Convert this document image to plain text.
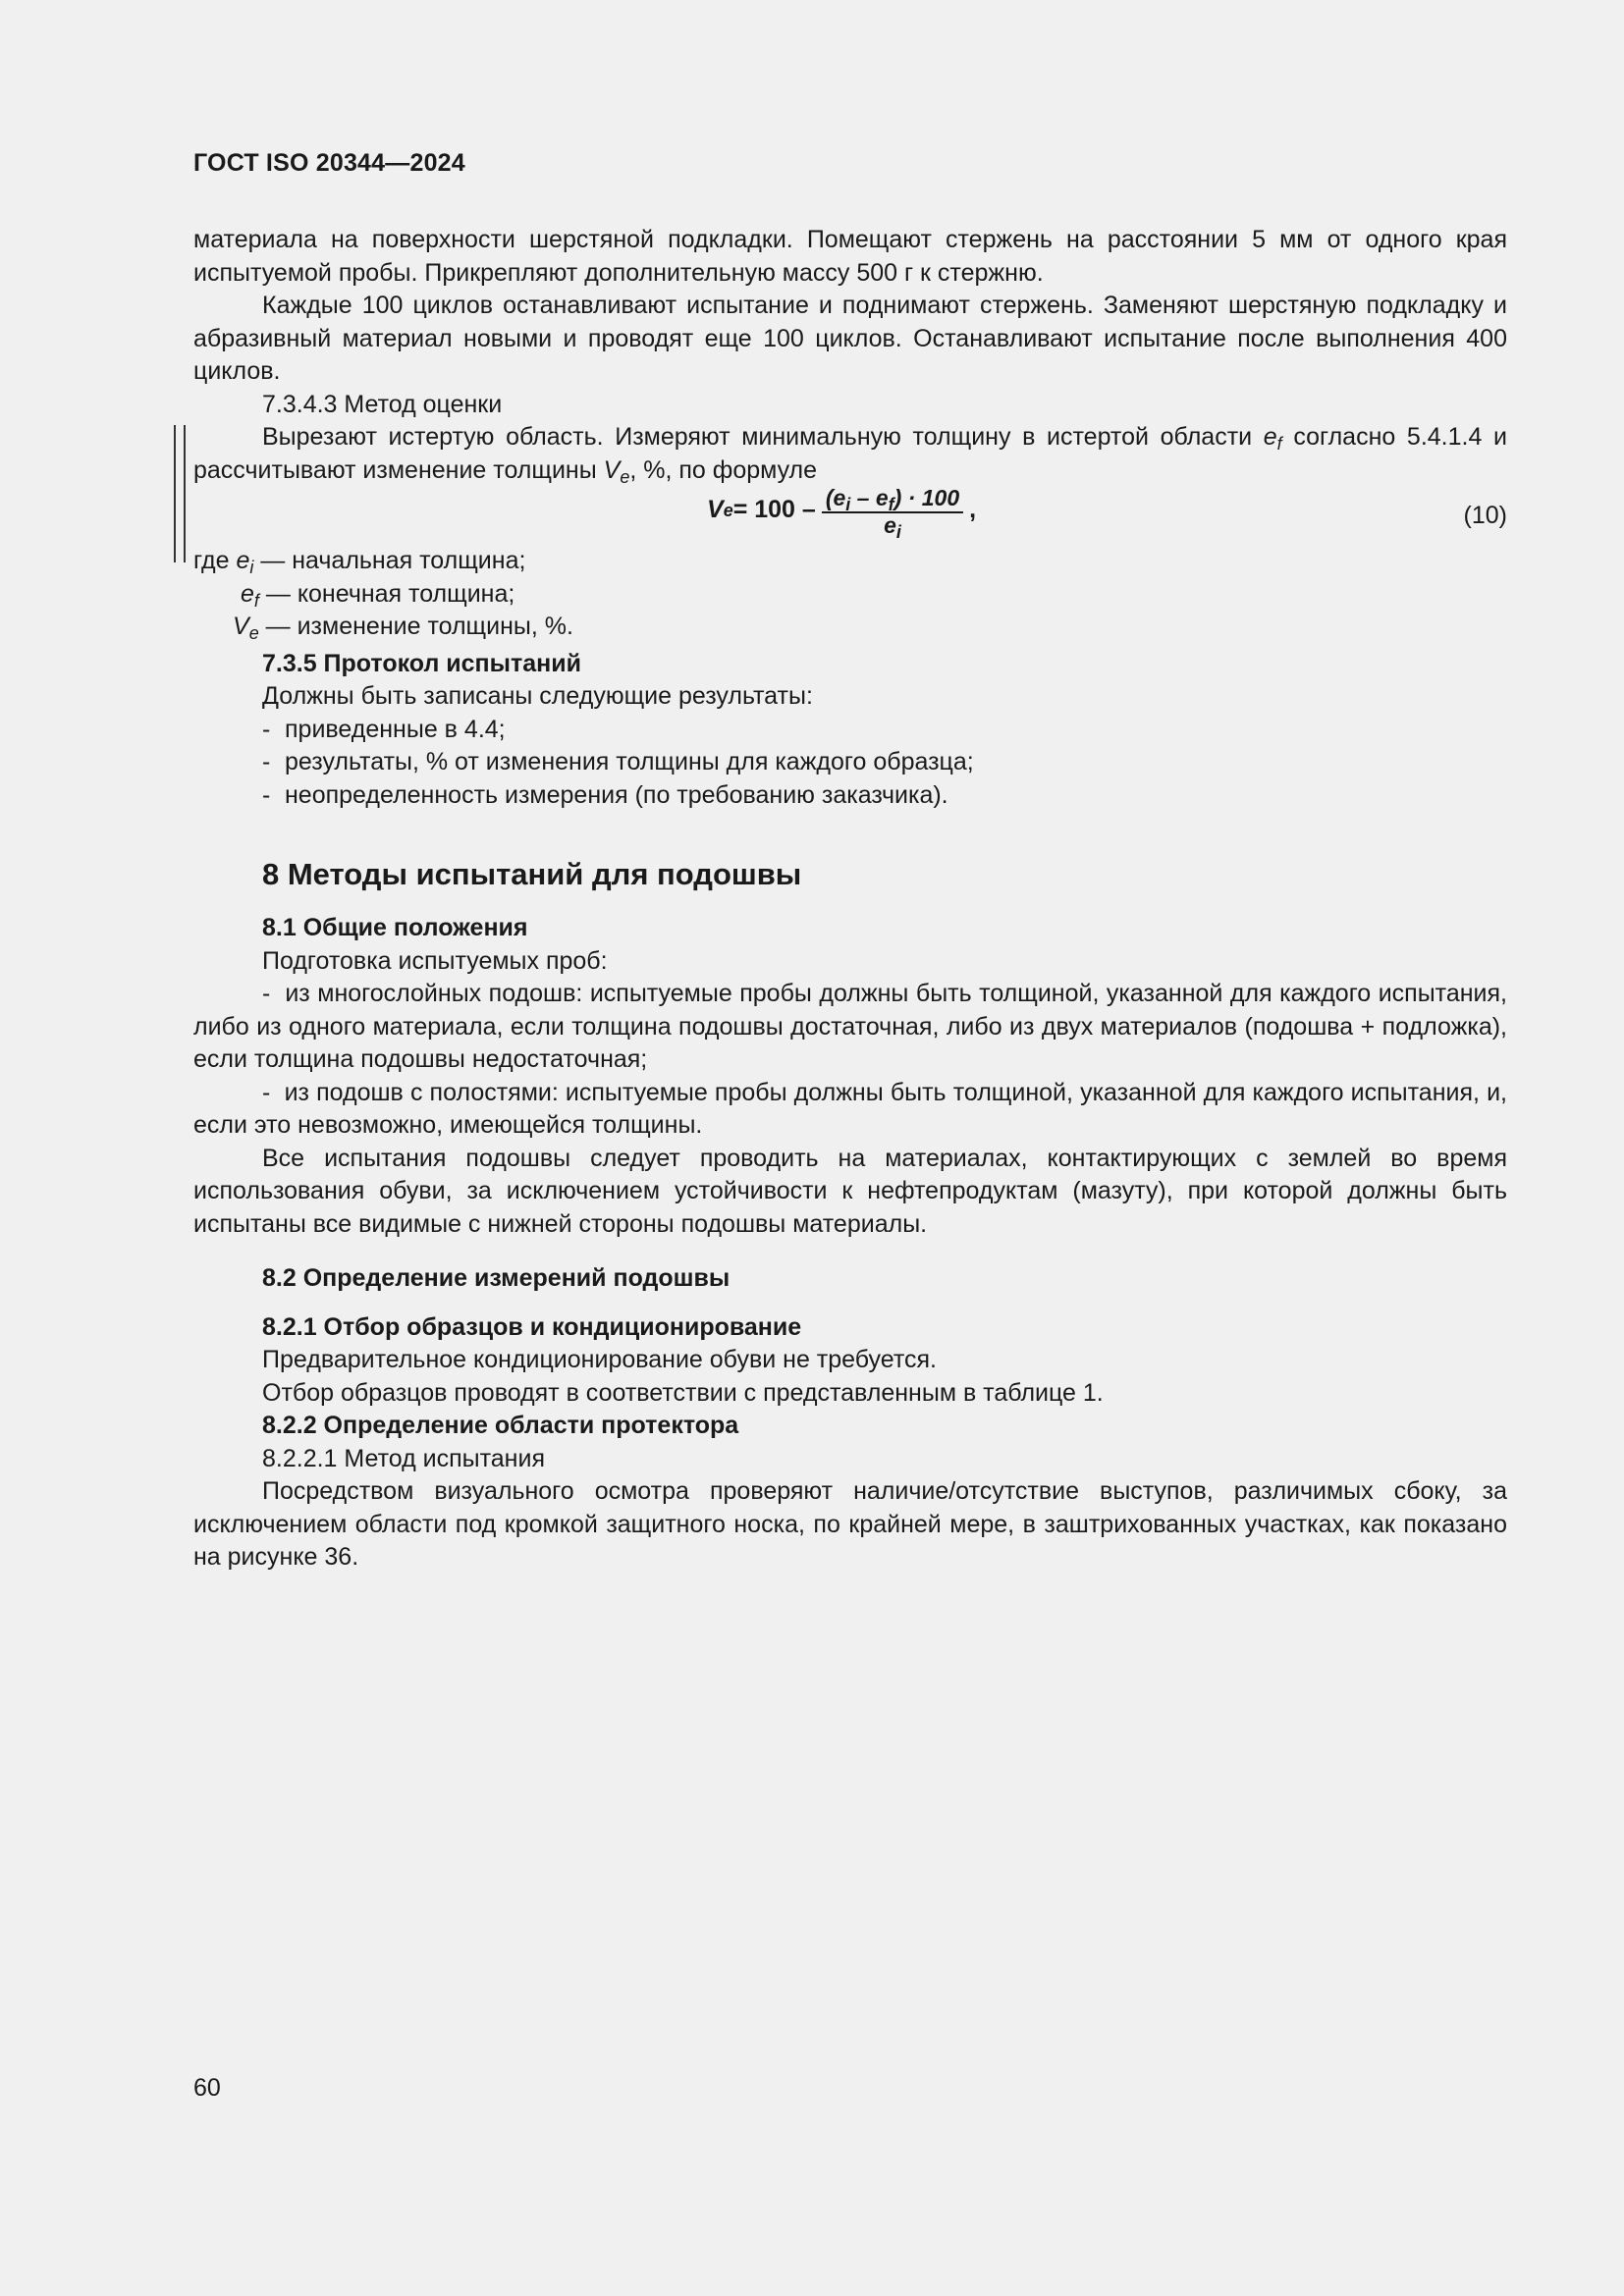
ГОСТ ISO 20344—2024

материала на поверхности шерстяной подкладки. Помещают стержень на расстоянии 5 мм от одного края испытуемой пробы. Прикрепляют дополнительную массу 500 г к стержню.

Каждые 100 циклов останавливают испытание и поднимают стержень. Заменяют шерстяную подкладку и абразивный материал новыми и проводят еще 100 циклов. Останавливают испытание после выполнения 400 циклов.

7.3.4.3 Метод оценки

Вырезают истертую область. Измеряют минимальную толщину в истертой области $e_f$ согласно 5.4.1.4 и рассчитывают изменение толщины $V_e$, %, по формуле

V $e = 100 - \frac{(e_i - e_f) \cdot 100}{e_i}$ ,	(10)

где $e_i$ — начальная толщина;

$e_f$ — конечная толщина;

$V_e$ — изменение толщины, %.

7.3.5 Протокол испытаний

Должны быть записаны следующие результаты:

- приведенные в 4.4;

- результаты, % от изменения толщины для каждого образца;

- неопределенность измерения (по требованию заказчика).

8 Методы испытаний для подошвы

8.1 Общие положения

Подготовка испытуемых проб:

-  из многослойных подошв: испытуемые пробы должны быть толщиной, указанной для каждого испытания, либо из одного материала, если толщина подошвы достаточная, либо из двух материалов (подошва + подложка), если толщина подошвы недостаточная;

-  из подошв с полостями: испытуемые пробы должны быть толщиной, указанной для каждого испытания, и, если это невозможно, имеющейся толщины.

Все испытания подошвы следует проводить на материалах, контактирующих с землей во время использования обуви, за исключением устойчивости к нефтепродуктам (мазуту), при которой должны быть испытаны все видимые с нижней стороны подошвы материалы.

8.2 Определение измерений подошвы

8.2.1 Отбор образцов и кондиционирование

Предварительное кондиционирование обуви не требуется.

Отбор образцов проводят в соответствии с представленным в таблице 1.

8.2.2 Определение области протектора

8.2.2.1 Метод испытания

Посредством визуального осмотра проверяют наличие/отсутствие выступов, различимых сбоку, за исключением области под кромкой защитного носка, по крайней мере, в заштрихованных участках, как показано на рисунке 36.

60
